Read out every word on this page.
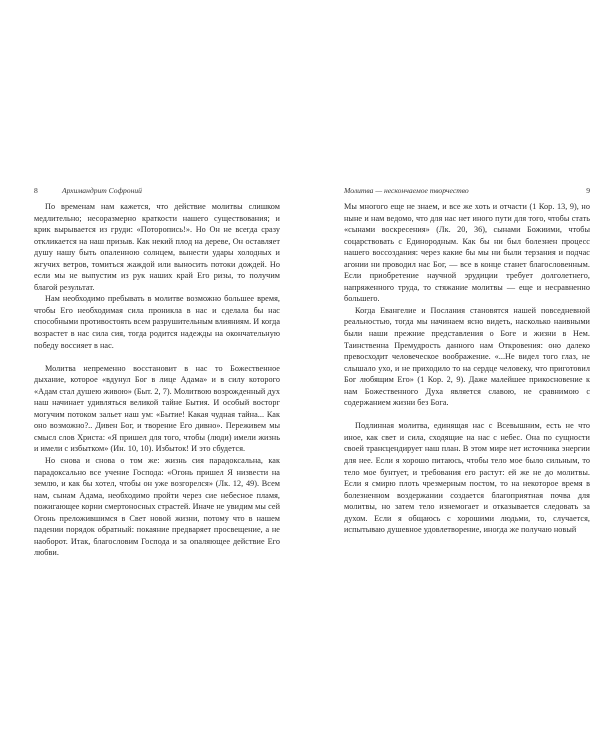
8	Архимандрит Софроний

По временам нам кажется, что действие молитвы слишком медлительно; несоразмерно краткости нашего существования; и крик вырывается из груди: «Поторопись!». Но Он не всегда сразу откликается на наш призыв. Как некий плод на дереве, Он оставляет душу нашу быть опаленною солнцем, вынести удары холодных и жгучих ветров, томиться жаждой или выносить потоки дождей. Но если мы не выпустим из рук наших край Его ризы, то получим благой результат.

Нам необходимо пребывать в молитве возможно большее время, чтобы Его необходимая сила проникла в нас и сделала бы нас способными противостоять всем разрушительным влияниям. И когда возрастет в нас сила сия, тогда родится надежды на окончательную победу воссияет в нас.

Молитва непременно восстановит в нас то Божественное дыхание, которое «вдунул Бог в лице Адама» и в силу которого «Адам стал душею живою» (Быт. 2, 7). Молитвою возрожденный дух наш начинает удивляться великой тайне Бытия. И особый восторг могучим потоком зальет наш ум: «Бытие! Какая чудная тайна... Как оно возможно?.. Дивен Бог, и творение Его дивно». Переживем мы смысл слов Христа: «Я пришел для того, чтобы (люди) имели жизнь и имели с избытком» (Ин. 10, 10). Избыток! И это сбудется.

Но снова и снова о том же: жизнь сия парадоксальна, как парадоксально все учение Господа: «Огонь пришел Я низвести на землю, и как бы хотел, чтобы он уже возгорелся» (Лк. 12, 49). Всем нам, сынам Адама, необходимо пройти через сие небесное пламя, пожигающее корни смертоносных страстей. Иначе не увидим мы сей Огонь преложившимся в Свет новой жизни, потому что в нашем падении порядок обратный: покаяние предваряет просвещение, а не наоборот. Итак, благословим Господа и за опаляющее действие Его любви.

Молитва — нескончаемое творчество	9

Мы многого еще не знаем, и все же хоть и отчасти (1 Кор. 13, 9), но ныне и нам ведомо, что для нас нет иного пути для того, чтобы стать «сынами воскресения» (Лк. 20, 36), сынами Божиими, чтобы соцарствовать с Единородным. Как бы ни был болезнен процесс нашего воссоздания: через какие бы мы ни были терзания и подчас агонии ни проводил нас Бог, — все в конце станет благословенным. Если приобретение научной эрудиции требует долголетнего, напряженного труда, то стяжание молитвы — еще и несравненно большего.

Когда Евангелие и Послания становятся нашей повседневной реальностью, тогда мы начинаем ясно видеть, насколько наивными были наши прежние представления о Боге и жизни в Нем. Таинственна Премудрость данного нам Откровения: оно далеко превосходит человеческое воображение. «...Не видел того глаз, не слышало ухо, и не приходило то на сердце человеку, что приготовил Бог любящим Его» (1 Кор. 2, 9). Даже малейшее прикосновение к нам Божественного Духа является славою, не сравнимою с содержанием жизни без Бога.

Подлинная молитва, единящая нас с Всевышним, есть не что иное, как свет и сила, сходящие на нас с небес. Она по сущности своей трансцендирует наш план. В этом мире нет источника энергии для нее. Если я хорошо питаюсь, чтобы тело мое было сильным, то тело мое бунтует, и требования его растут: ей же не до молитвы. Если я смирю плоть чрезмерным постом, то на некоторое время в болезненном воздержании создается благоприятная почва для молитвы, но затем тело изнемогает и отказывается следовать за духом. Если я общаюсь с хорошими людьми, то, случается, испытываю душевное удовлетворение, иногда же получаю новый
